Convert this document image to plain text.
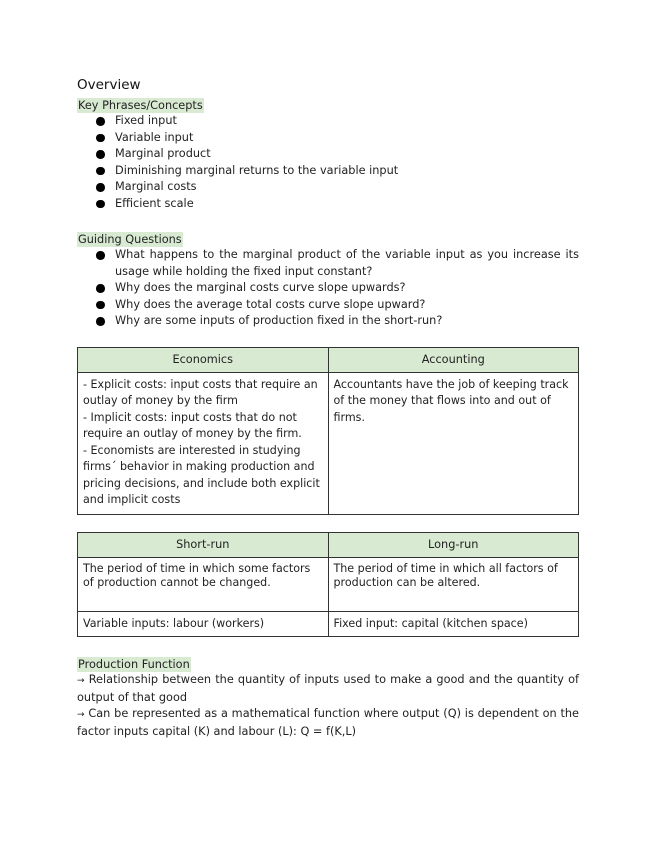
Overview

Key Phrases/Concepts
Fixed input
Variable input
Marginal product
Diminishing marginal returns to the variable input
Marginal costs
Efficient scale
Guiding Questions
What happens to the marginal product of the variable input as you increase its usage while holding the fixed input constant?
Why does the marginal costs curve slope upwards?
Why does the average total costs curve slope upward?
Why are some inputs of production fixed in the short-run?
Economics	Accounting

- Explicit costs: input costs that require an outlay of money by the firm
- Implicit costs: input costs that do not require an outlay of money by the firm.
- Economists are interested in studying firms´ behavior in making production and pricing decisions, and include both explicit and implicit costs	Accountants have the job of keeping track of the money that flows into and out of firms.
Short-run	Long-run
The period of time in which some factors of production cannot be changed.	The period of time in which all factors of production can be altered.
Variable inputs: labour (workers)	Fixed input: capital (kitchen space)
Production Function

→ Relationship between the quantity of inputs used to make a good and the quantity of output of that good

→ Can be represented as a mathematical function where output (Q) is dependent on the factor inputs capital (K) and labour (L): Q = f(K,L)
